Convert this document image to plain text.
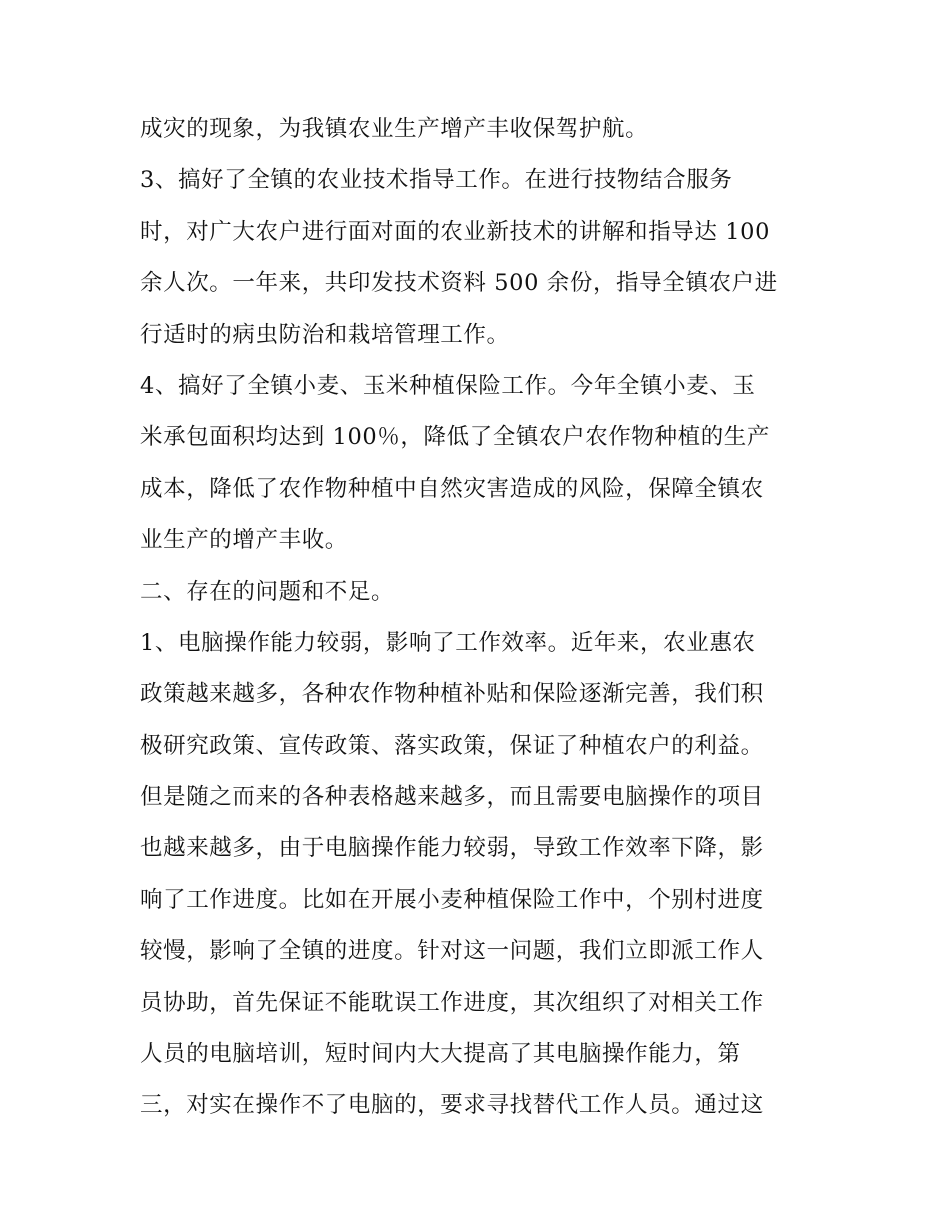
成灾的现象，为我镇农业生产增产丰收保驾护航。
3、搞好了全镇的农业技术指导工作。在进行技物结合服务
时，对广大农户进行面对面的农业新技术的讲解和指导达 100
余人次。一年来，共印发技术资料 500 余份，指导全镇农户进
行适时的病虫防治和栽培管理工作。
4、搞好了全镇小麦、玉米种植保险工作。今年全镇小麦、玉
米承包面积均达到 100％，降低了全镇农户农作物种植的生产
成本，降低了农作物种植中自然灾害造成的风险，保障全镇农
业生产的增产丰收。
二、存在的问题和不足。
1、电脑操作能力较弱，影响了工作效率。近年来，农业惠农
政策越来越多，各种农作物种植补贴和保险逐渐完善，我们积
极研究政策、宣传政策、落实政策，保证了种植农户的利益。
但是随之而来的各种表格越来越多，而且需要电脑操作的项目
也越来越多，由于电脑操作能力较弱，导致工作效率下降，影
响了工作进度。比如在开展小麦种植保险工作中，个别村进度
较慢，影响了全镇的进度。针对这一问题，我们立即派工作人
员协助，首先保证不能耽误工作进度，其次组织了对相关工作
人员的电脑培训，短时间内大大提高了其电脑操作能力，第
三，对实在操作不了电脑的，要求寻找替代工作人员。通过这
